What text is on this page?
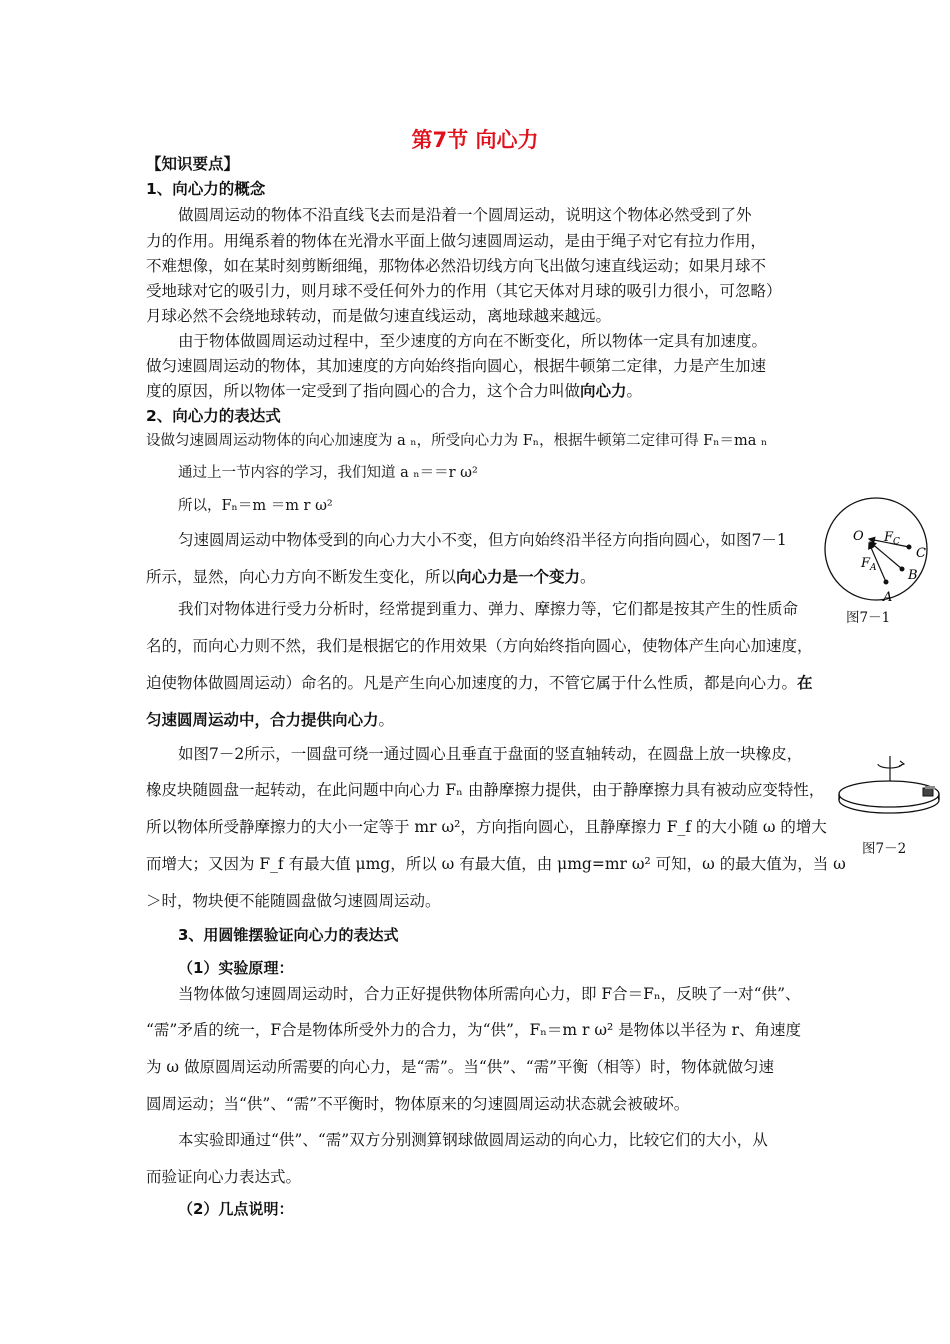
第7节 向心力
【知识要点】
1、向心力的概念
做圆周运动的物体不沿直线飞去而是沿着一个圆周运动，说明这个物体必然受到了外
力的作用。用绳系着的物体在光滑水平面上做匀速圆周运动，是由于绳子对它有拉力作用，
不难想像，如在某时刻剪断细绳，那物体必然沿切线方向飞出做匀速直线运动；如果月球不
受地球对它的吸引力，则月球不受任何外力的作用（其它天体对月球的吸引力很小，可忽略）
月球必然不会绕地球转动，而是做匀速直线运动，离地球越来越远。
由于物体做圆周运动过程中，至少速度的方向在不断变化，所以物体一定具有加速度。
做匀速圆周运动的物体，其加速度的方向始终指向圆心，根据牛顿第二定律，力是产生加速
度的原因，所以物体一定受到了指向圆心的合力，这个合力叫做向心力。
2、向心力的表达式
设做匀速圆周运动物体的向心加速度为 a ₙ，所受向心力为 Fₙ，根据牛顿第二定律可得 Fₙ＝ma ₙ
通过上一节内容的学习，我们知道 a ₙ＝＝r ω²
所以，Fₙ＝m ＝m r ω²
匀速圆周运动中物体受到的向心力大小不变，但方向始终沿半径方向指向圆心，如图7－1
所示，显然，向心力方向不断发生变化，所以向心力是一个变力。
我们对物体进行受力分析时，经常提到重力、弹力、摩擦力等，它们都是按其产生的性质命
名的，而向心力则不然，我们是根据它的作用效果（方向始终指向圆心，使物体产生向心加速度，
迫使物体做圆周运动）命名的。凡是产生向心加速度的力，不管它属于什么性质，都是向心力。在
匀速圆周运动中，合力提供向心力。
如图7－2所示，一圆盘可绕一通过圆心且垂直于盘面的竖直轴转动，在圆盘上放一块橡皮，
橡皮块随圆盘一起转动，在此问题中向心力 Fₙ 由静摩擦力提供，由于静摩擦力具有被动应变特性，
所以物体所受静摩擦力的大小一定等于 mr ω²，方向指向圆心，且静摩擦力 F_f 的大小随 ω 的增大
而增大；又因为 F_f 有最大值 μmg，所以 ω 有最大值，由 μmg=mr ω² 可知，ω 的最大值为，当 ω
＞时，物块便不能随圆盘做匀速圆周运动。
3、用圆锥摆验证向心力的表达式
（1）实验原理：
当物体做匀速圆周运动时，合力正好提供物体所需向心力，即 F合＝Fₙ，反映了一对“供”、
“需”矛盾的统一，F合是物体所受外力的合力，为“供”，Fₙ＝m r ω² 是物体以半径为 r、角速度
为 ω 做原圆周运动所需要的向心力，是“需”。当“供”、“需”平衡（相等）时，物体就做匀速
圆周运动；当“供”、“需”不平衡时，物体原来的匀速圆周运动状态就会被破坏。
本实验即通过“供”、“需”双方分别测算钢球做圆周运动的向心力，比较它们的大小，从
而验证向心力表达式。
（2）几点说明：
O $F_C$
C
$F_A$ B
A
图7－1
图7－2
